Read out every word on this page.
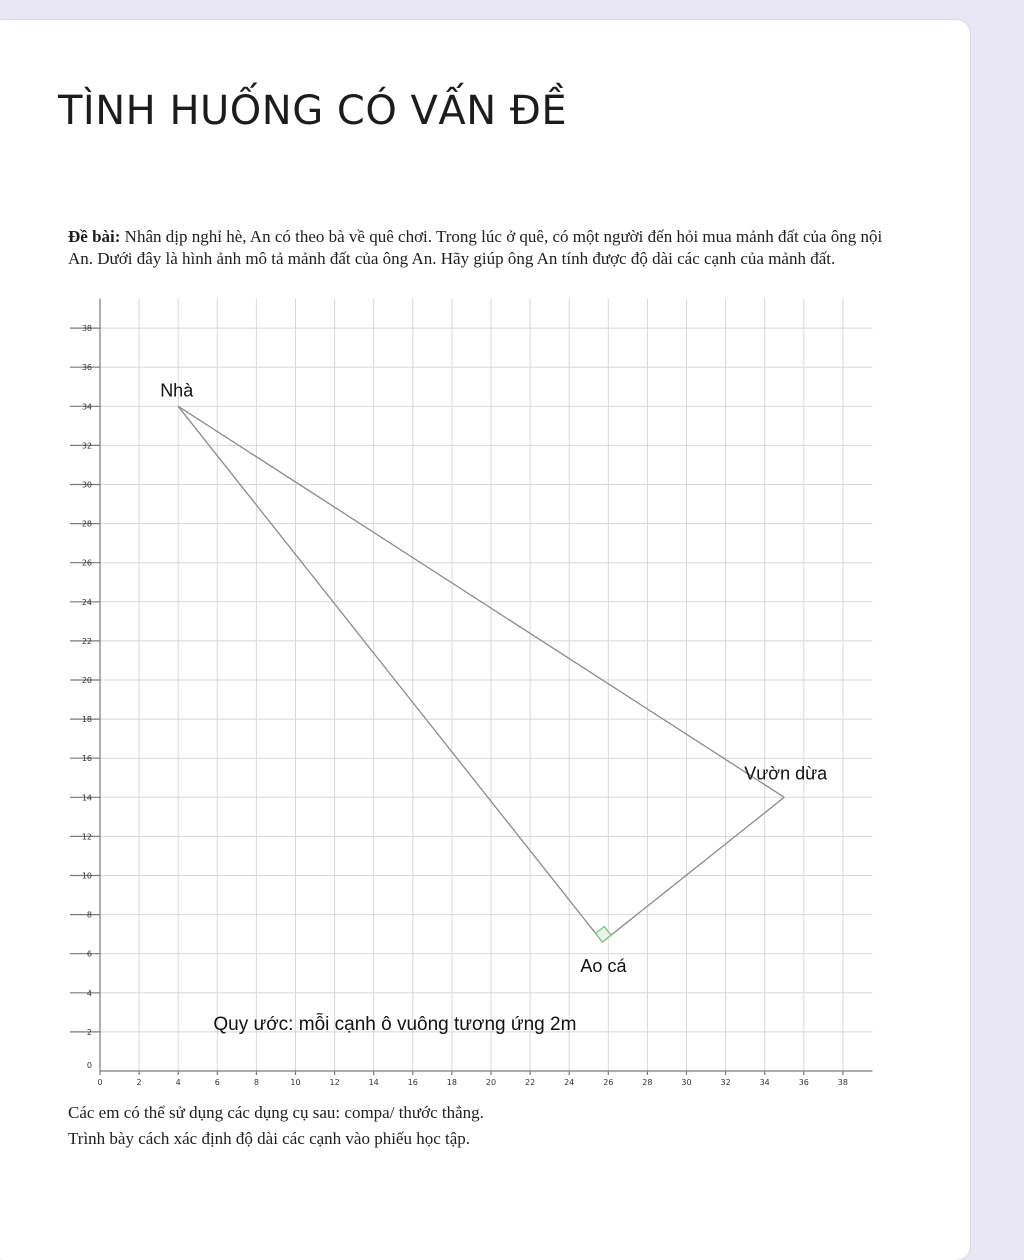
TÌNH HUỐNG CÓ VẤN ĐỀ
Đề bài: Nhân dịp nghỉ hè, An có theo bà về quê chơi. Trong lúc ở quê, có một người đến hỏi mua mảnh đất của ông nội An. Dưới đây là hình ảnh mô tả mảnh đất của ông An. Hãy giúp ông An tính được độ dài các cạnh của mảnh đất.
0	2	4	6	8	10	12	14	16	18	20	22	24	26	28	30	32	34	36	38
0
2
4
6
8
10
12
14
16
18
20
22
24
26
28
30
32
34
36
38
Nhà
Vườn dừa
Ao cá
Quy ước: mỗi cạnh ô vuông tương ứng 2m

Các em có thể sử dụng các dụng cụ sau: compa/ thước thẳng.

Trình bày cách xác định độ dài các cạnh vào phiếu học tập.
